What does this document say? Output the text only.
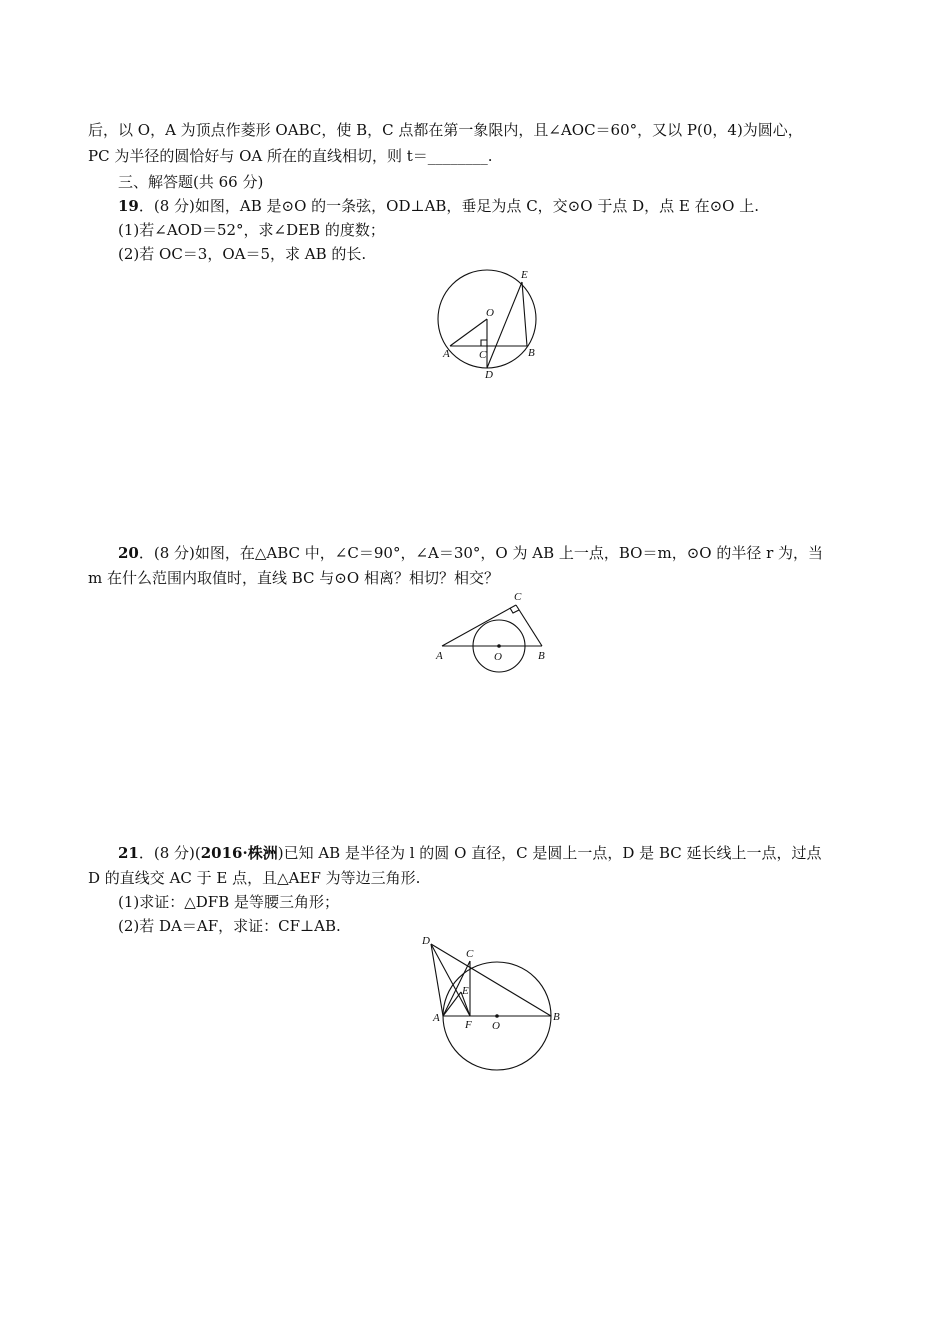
后，以 O，A 为顶点作菱形 OABC，使 B，C 点都在第一象限内，且∠AOC＝60°，又以 P(0，4)为圆心，
PC 为半径的圆恰好与 OA 所在的直线相切，则 t＝________.
三、解答题(共 66 分)
19．(8 分)如图，AB 是⊙O 的一条弦，OD⊥AB，垂足为点 C，交⊙O 于点 D，点 E 在⊙O 上.
(1)若∠AOD＝52°，求∠DEB 的度数；
(2)若 OC＝3，OA＝5，求 AB 的长.
E
O
A	C	B
D
20．(8 分)如图，在△ABC 中，∠C＝90°，∠A＝30°，O 为 AB 上一点，BO＝m，⊙O 的半径 r 为，当
m 在什么范围内取值时，直线 BC 与⊙O 相离？相切？相交？
C
A	O	B
21．(8 分)(2016·株洲)已知 AB 是半径为 l 的圆 O 直径，C 是圆上一点，D 是 BC 延长线上一点，过点
D 的直线交 AC 于 E 点，且△AEF 为等边三角形.
(1)求证：△DFB 是等腰三角形；
(2)若 DA＝AF，求证：CF⊥AB.
D
C
E
A
F O
B
